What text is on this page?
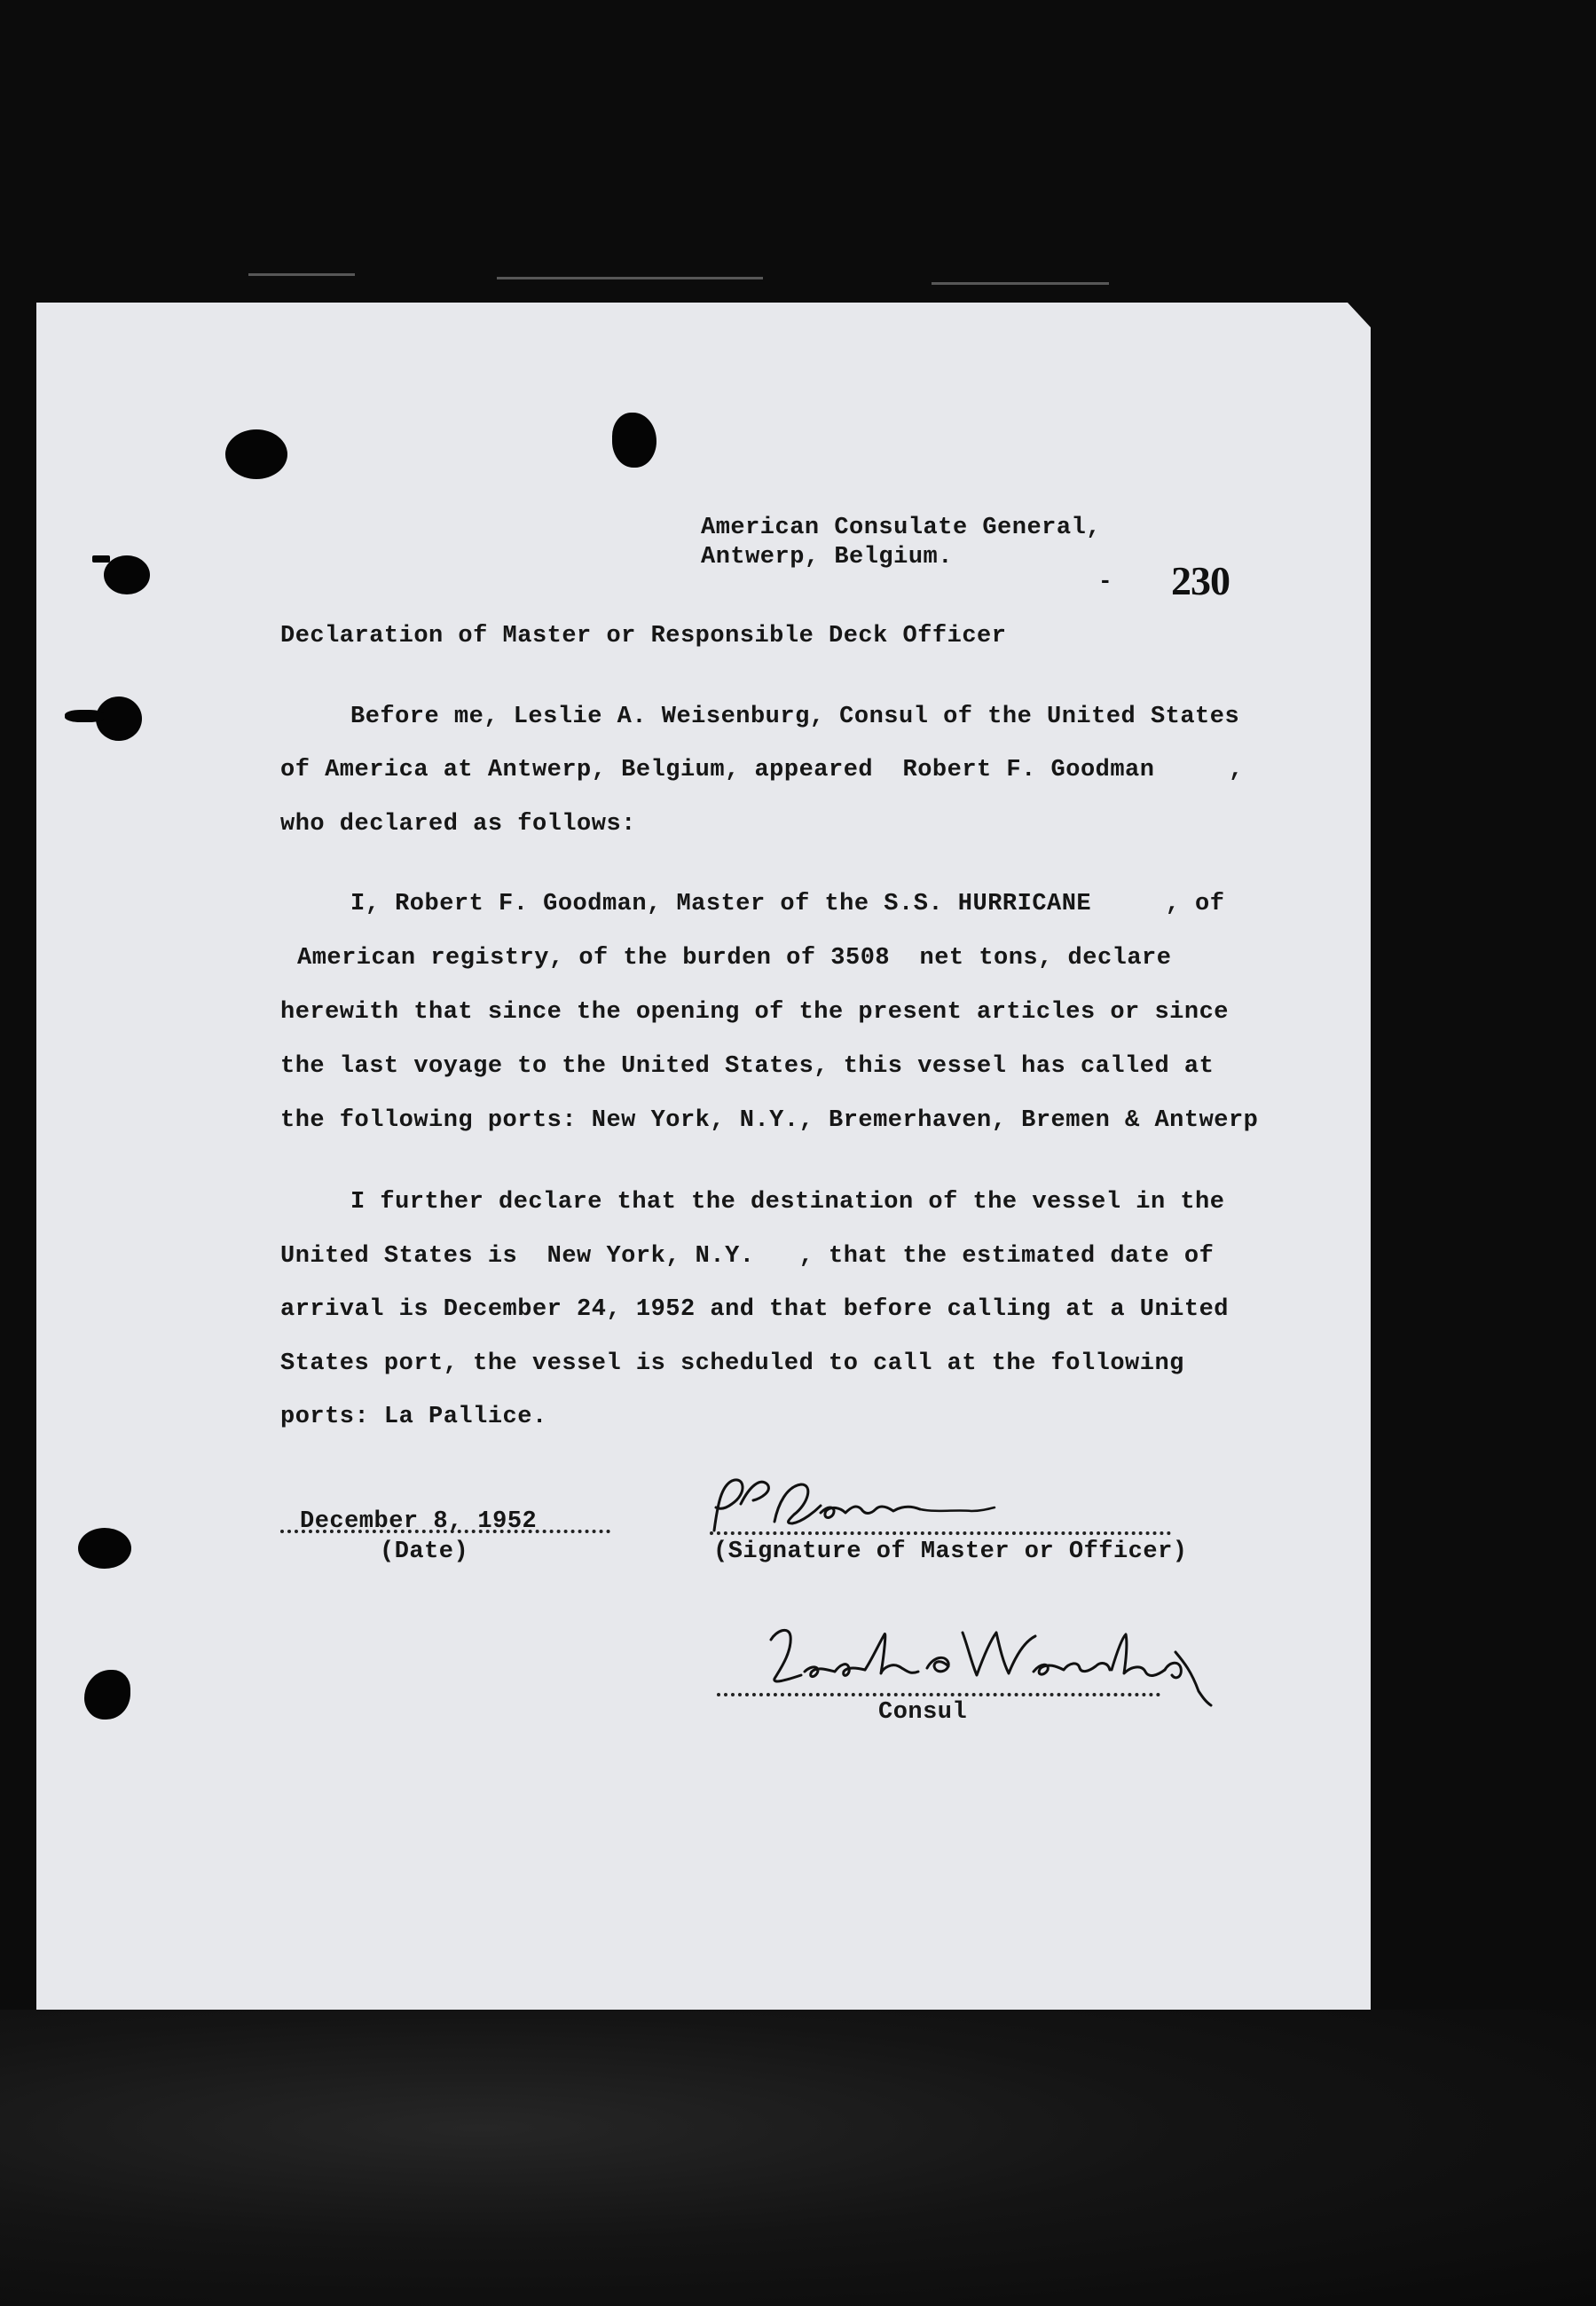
American Consulate General,
Antwerp, Belgium.
- 230
Declaration of Master or Responsible Deck Officer
Before me, Leslie A. Weisenburg, Consul of the United States
of America at Antwerp, Belgium, appeared  Robert F. Goodman     ,
who declared as follows:
I, Robert F. Goodman, Master of the S.S. HURRICANE     , of
American registry, of the burden of 3508  net tons, declare
herewith that since the opening of the present articles or since
the last voyage to the United States, this vessel has called at
the following ports: New York, N.Y., Bremerhaven, Bremen & Antwerp
I further declare that the destination of the vessel in the
United States is  New York, N.Y.   , that the estimated date of
arrival is December 24, 1952 and that before calling at a United
States port, the vessel is scheduled to call at the following
ports: La Pallice.
December 8, 1952
(Date)	(Signature of Master or Officer)
Consul
